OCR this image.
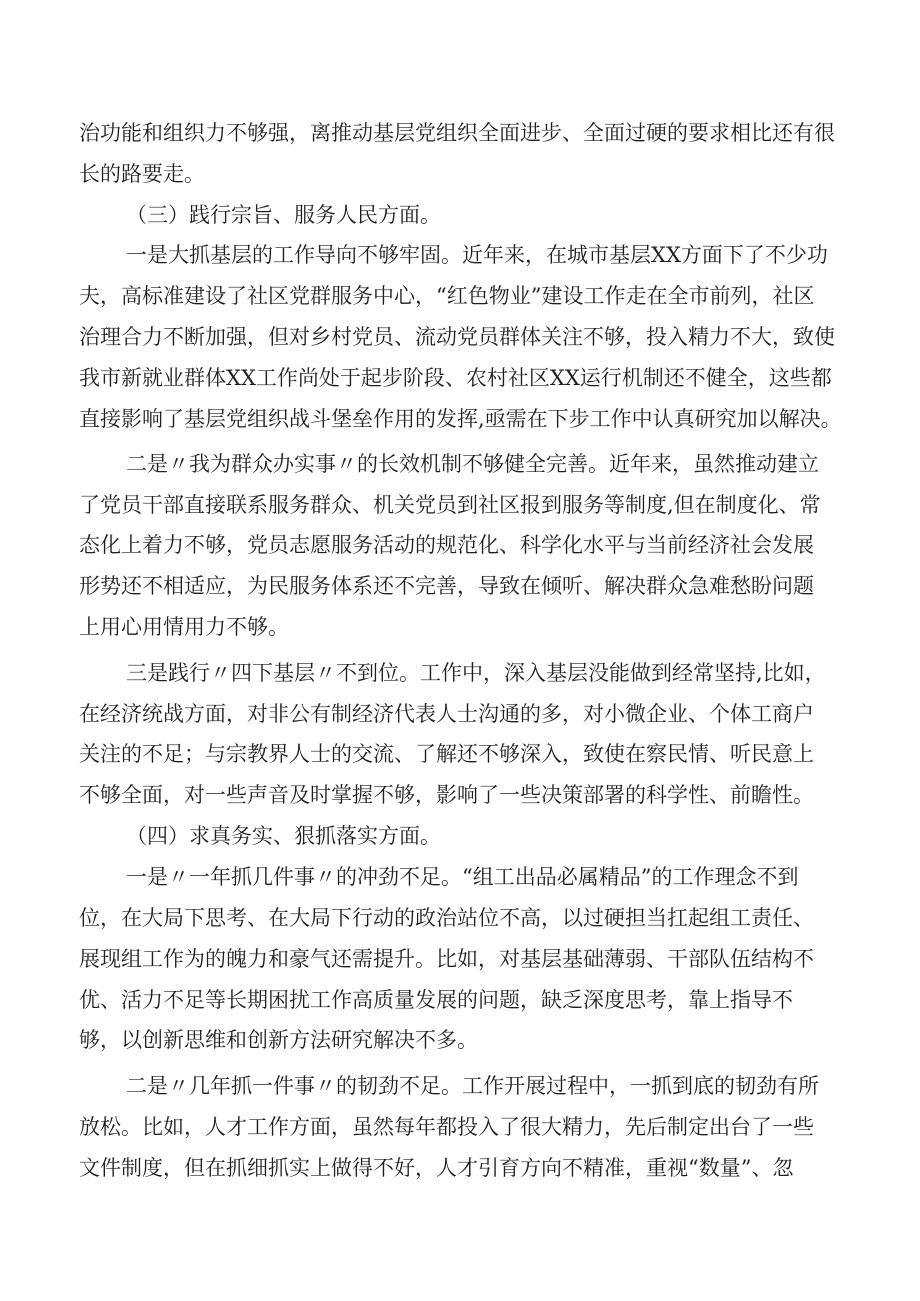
治功能和组织力不够强，离推动基层党组织全面进步、全面过硬的要求相比还有很
长的路要走。
（三）践行宗旨、服务人民方面。
一是大抓基层的工作导向不够牢固。近年来，在城市基层XX方面下了不少功
夫，高标准建设了社区党群服务中心，“红色物业”建设工作走在全市前列，社区
治理合力不断加强，但对乡村党员、流动党员群体关注不够，投入精力不大，致使
我市新就业群体XX工作尚处于起步阶段、农村社区XX运行机制还不健全，这些都
直接影响了基层党组织战斗堡垒作用的发挥,亟需在下步工作中认真研究加以解决。
二是〃我为群众办实事〃的长效机制不够健全完善。近年来，虽然推动建立
了党员干部直接联系服务群众、机关党员到社区报到服务等制度,但在制度化、常
态化上着力不够，党员志愿服务活动的规范化、科学化水平与当前经济社会发展
形势还不相适应，为民服务体系还不完善，导致在倾听、解决群众急难愁盼问题
上用心用情用力不够。
三是践行〃四下基层〃不到位。工作中，深入基层没能做到经常坚持,比如，
在经济统战方面，对非公有制经济代表人士沟通的多，对小微企业、个体工商户
关注的不足；与宗教界人士的交流、了解还不够深入，致使在察民情、听民意上
不够全面，对一些声音及时掌握不够，影响了一些决策部署的科学性、前瞻性。
（四）求真务实、狠抓落实方面。
一是〃一年抓几件事〃的冲劲不足。“组工出品必属精品”的工作理念不到
位，在大局下思考、在大局下行动的政治站位不高，以过硬担当扛起组工责任、
展现组工作为的魄力和豪气还需提升。比如，对基层基础薄弱、干部队伍结构不
优、活力不足等长期困扰工作高质量发展的问题，缺乏深度思考，靠上指导不
够，以创新思维和创新方法研究解决不多。
二是〃几年抓一件事〃的韧劲不足。工作开展过程中，一抓到底的韧劲有所
放松。比如，人才工作方面，虽然每年都投入了很大精力，先后制定出台了一些
文件制度，但在抓细抓实上做得不好，人才引育方向不精准，重视“数量”、忽
